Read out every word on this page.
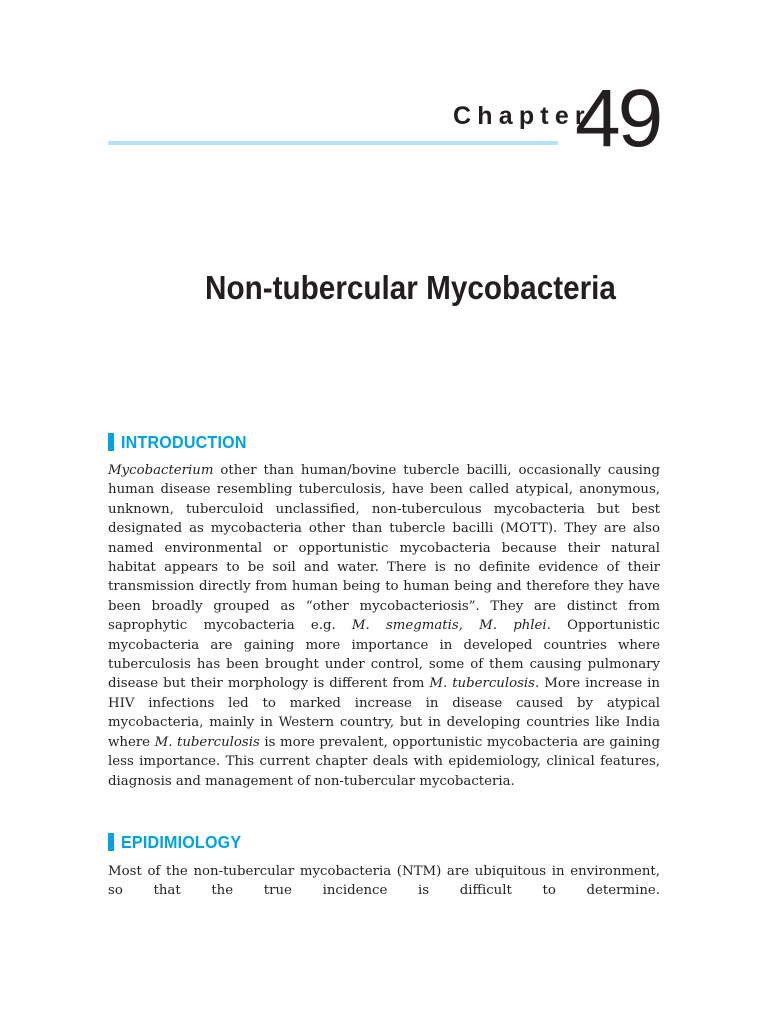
Chapter
49
Non-tubercular Mycobacteria
INTRODUCTION

Mycobacterium other than human/bovine tubercle bacilli, occasionally causing human disease resembling tuberculosis, have been called atypical, anonymous, unknown, tuberculoid unclassified, non-tuberculous mycobacteria but best designated as mycobacteria other than tubercle bacilli (MOTT). They are also named environmental or opportunistic mycobacteria because their natural habitat appears to be soil and water. There is no definite evidence of their transmission directly from human being to human being and therefore they have been broadly grouped as “other mycobacteriosis”. They are distinct from saprophytic mycobacteria e.g. M. smegmatis, M. phlei. Opportunistic mycobacteria are gaining more importance in developed countries where tuberculosis has been brought under control, some of them causing pulmonary disease but their morphology is different from M. tuberculosis. More increase in HIV infections led to marked increase in disease caused by atypical mycobacteria, mainly in Western country, but in developing countries like India where M. tuberculosis is more prevalent, opportunistic mycobacteria are gaining less importance. This current chapter deals with epidemiology, clinical features, diagnosis and management of non-tubercular mycobacteria.

EPIDIMIOLOGY

Most of the non-tubercular mycobacteria (NTM) are ubiquitous in environment, so that the true incidence is difficult to determine.
